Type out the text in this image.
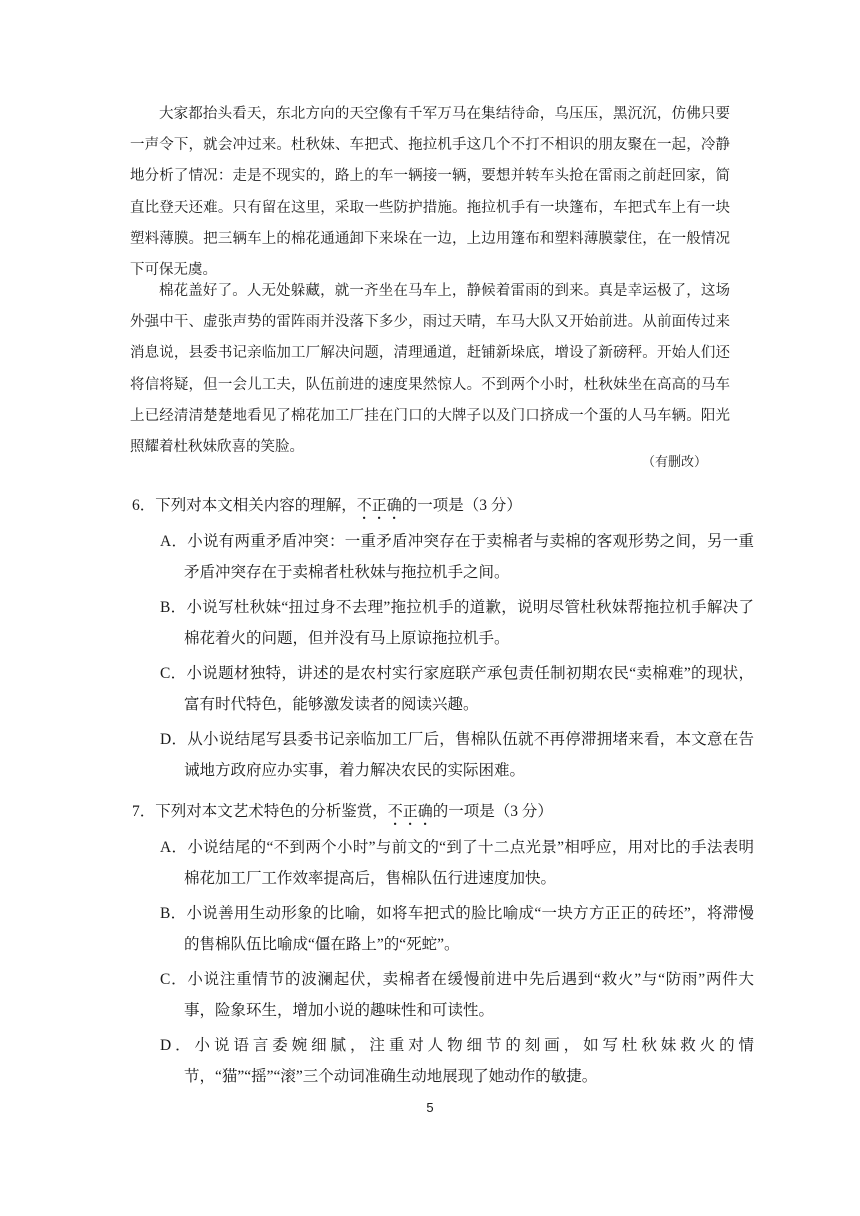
大家都抬头看天，东北方向的天空像有千军万马在集结待命，乌压压，黑沉沉，仿佛只要一声令下，就会冲过来。杜秋妹、车把式、拖拉机手这几个不打不相识的朋友聚在一起，冷静地分析了情况：走是不现实的，路上的车一辆接一辆，要想并转车头抢在雷雨之前赶回家，简直比登天还难。只有留在这里，采取一些防护措施。拖拉机手有一块篷布，车把式车上有一块塑料薄膜。把三辆车上的棉花通通卸下来垛在一边，上边用篷布和塑料薄膜蒙住，在一般情况下可保无虞。

棉花盖好了。人无处躲藏，就一齐坐在马车上，静候着雷雨的到来。真是幸运极了，这场外强中干、虚张声势的雷阵雨并没落下多少，雨过天晴，车马大队又开始前进。从前面传过来消息说，县委书记亲临加工厂解决问题，清理通道，赶铺新垛底，增设了新磅秤。开始人们还将信将疑，但一会儿工夫，队伍前进的速度果然惊人。不到两个小时，杜秋妹坐在高高的马车上已经清清楚楚地看见了棉花加工厂挂在门口的大牌子以及门口挤成一个蛋的人马车辆。阳光照耀着杜秋妹欣喜的笑脸。

（有删改）
6．下列对本文相关内容的理解，不正确的一项是（3 分）

A．小说有两重矛盾冲突：一重矛盾冲突存在于卖棉者与卖棉的客观形势之间，另一重矛盾冲突存在于卖棉者杜秋妹与拖拉机手之间。

B．小说写杜秋妹“扭过身不去理”拖拉机手的道歉，说明尽管杜秋妹帮拖拉机手解决了棉花着火的问题，但并没有马上原谅拖拉机手。

C．小说题材独特，讲述的是农村实行家庭联产承包责任制初期农民“卖棉难”的现状，富有时代特色，能够激发读者的阅读兴趣。

D．从小说结尾写县委书记亲临加工厂后，售棉队伍就不再停滞拥堵来看，本文意在告诫地方政府应办实事，着力解决农民的实际困难。

7．下列对本文艺术特色的分析鉴赏，不正确的一项是（3 分）

A．小说结尾的“不到两个小时”与前文的“到了十二点光景”相呼应，用对比的手法表明棉花加工厂工作效率提高后，售棉队伍行进速度加快。

B．小说善用生动形象的比喻，如将车把式的脸比喻成“一块方方正正的砖坯”，将滞慢的售棉队伍比喻成“僵在路上”的“死蛇”。

C．小说注重情节的波澜起伏，卖棉者在缓慢前进中先后遇到“救火”与“防雨”两件大事，险象环生，增加小说的趣味性和可读性。

D．小说语言委婉细腻，注重对人物细节的刻画，如写杜秋妹救火的情节，“猫”“摇”“滚”三个动词准确生动地展现了她动作的敏捷。

5
